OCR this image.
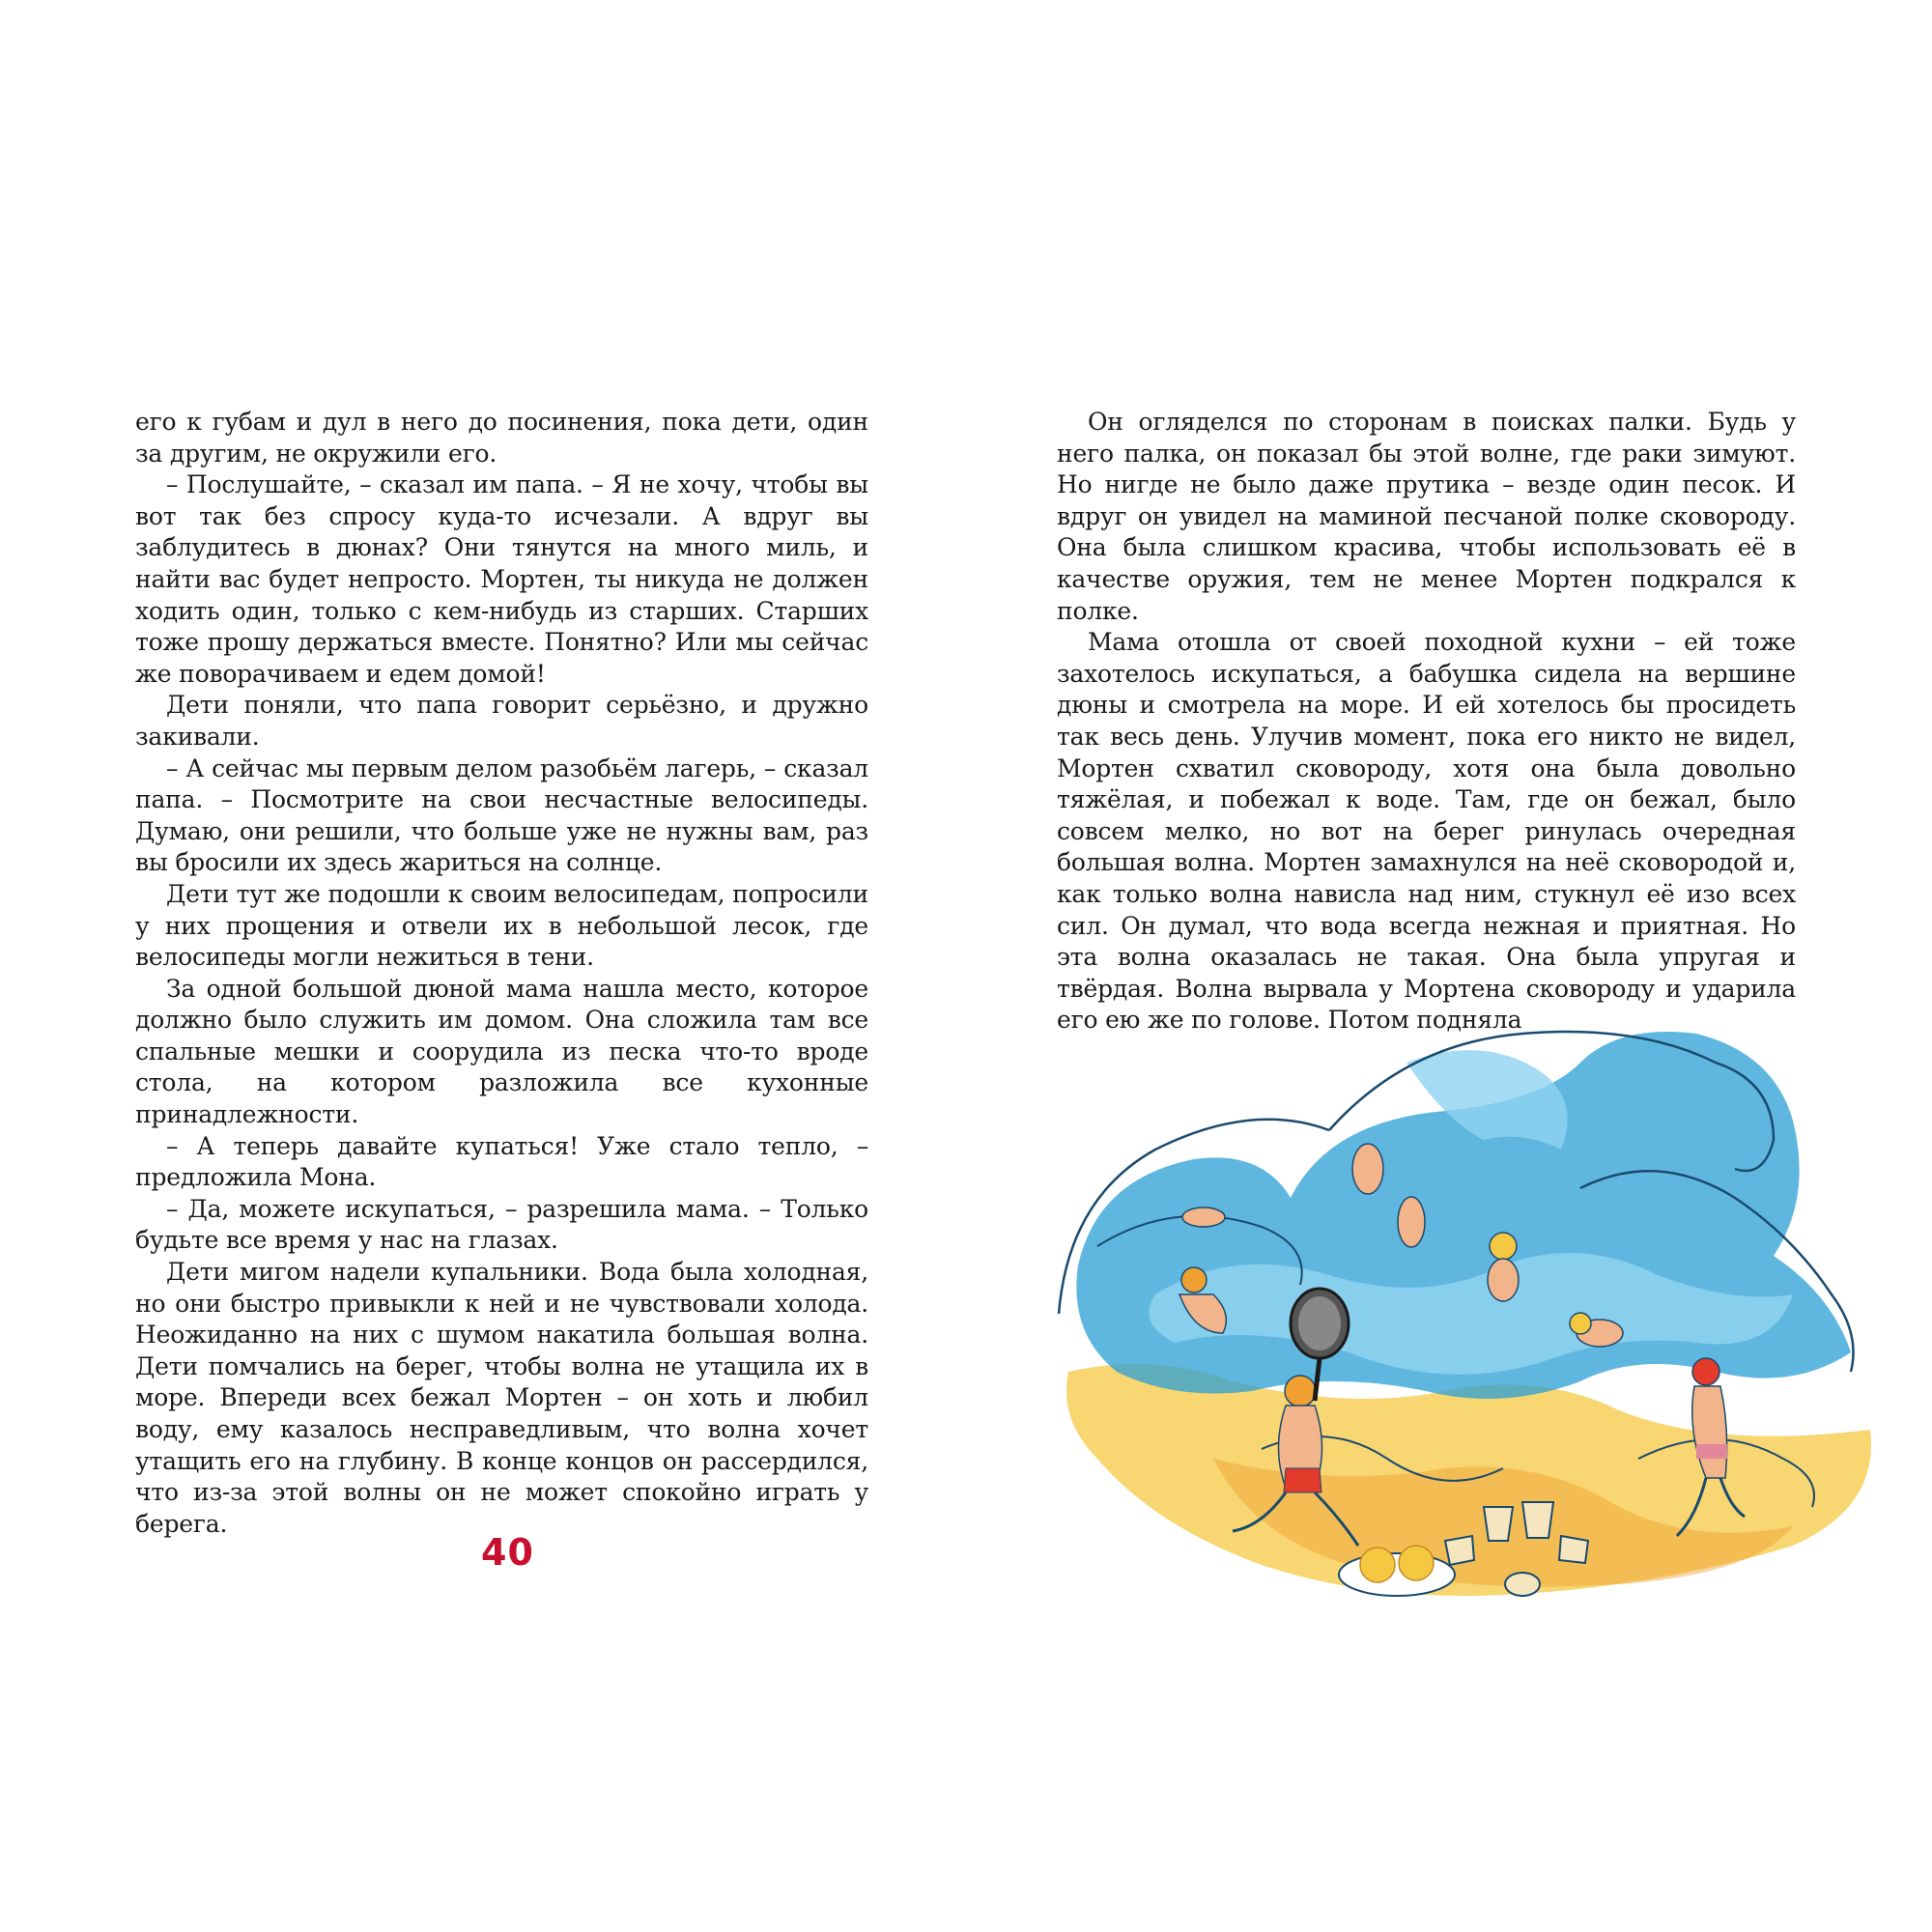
его к губам и дул в него до посинения, пока дети, один за другим, не окружили его.

– Послушайте, – сказал им папа. – Я не хочу, чтобы вы вот так без спросу куда-то исчезали. А вдруг вы заблудитесь в дюнах? Они тянутся на много миль, и найти вас будет непросто. Мортен, ты никуда не должен ходить один, только с кем-нибудь из старших. Старших тоже прошу держаться вместе. Понятно? Или мы сейчас же поворачиваем и едем домой!

Дети поняли, что папа говорит серьёзно, и дружно закивали.

– А сейчас мы первым делом разобьём лагерь, – сказал папа. – Посмотрите на свои несчастные велосипеды. Думаю, они решили, что больше уже не нужны вам, раз вы бросили их здесь жариться на солнце.

Дети тут же подошли к своим велосипедам, попросили у них прощения и отвели их в небольшой лесок, где велосипеды могли нежиться в тени.

За одной большой дюной мама нашла место, которое должно было служить им домом. Она сложила там все спальные мешки и соорудила из песка что-то вроде стола, на котором разложила все кухонные принадлежности.

– А теперь давайте купаться! Уже стало тепло, – предложила Мона.

– Да, можете искупаться, – разрешила мама. – Только будьте все время у нас на глазах.

Дети мигом надели купальники. Вода была холодная, но они быстро привыкли к ней и не чувствовали холода. Неожиданно на них с шумом накатила большая волна. Дети помчались на берег, чтобы волна не утащила их в море. Впереди всех бежал Мортен – он хоть и любил воду, ему казалось несправедливым, что волна хочет утащить его на глубину. В конце концов он рассердился, что из-за этой волны он не может спокойно играть у берега.

40

Он огляделся по сторонам в поисках палки. Будь у него палка, он показал бы этой волне, где раки зимуют. Но нигде не было даже прутика – везде один песок. И вдруг он увидел на маминой песчаной полке сковороду. Она была слишком красива, чтобы использовать её в качестве оружия, тем не менее Мортен подкрался к полке.

Мама отошла от своей походной кухни – ей тоже захотелось искупаться, а бабушка сидела на вершине дюны и смотрела на море. И ей хотелось бы просидеть так весь день. Улучив момент, пока его никто не видел, Мортен схватил сковороду, хотя она была довольно тяжёлая, и побежал к воде. Там, где он бежал, было совсем мелко, но вот на берег ринулась очередная большая волна. Мортен замахнулся на неё сковородой и, как только волна нависла над ним, стукнул её изо всех сил. Он думал, что вода всегда нежная и приятная. Но эта волна оказалась не такая. Она была упругая и твёрдая. Волна вырвала у Мортена сковороду и ударила его ею же по голове. Потом подняла
